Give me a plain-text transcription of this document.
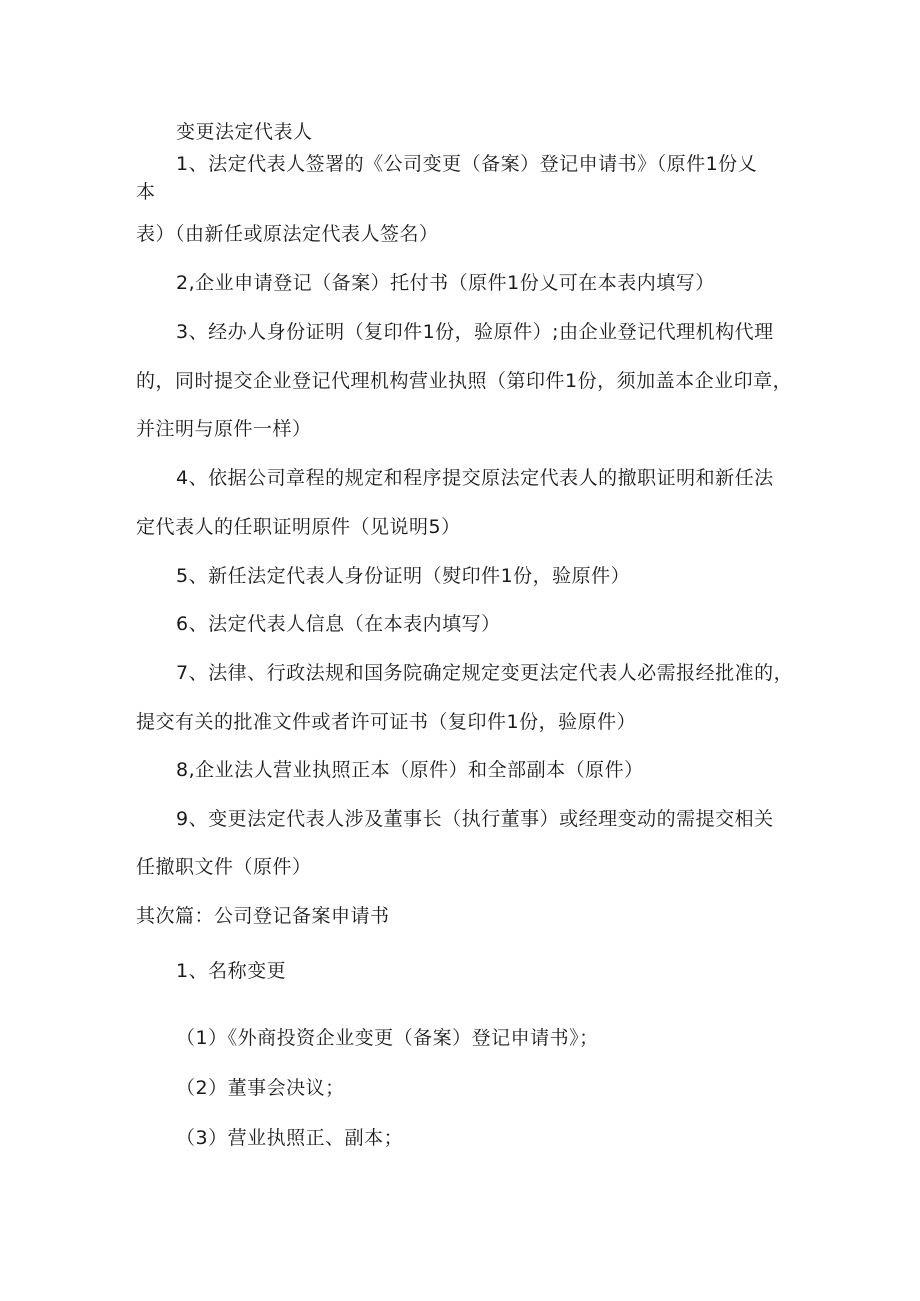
变更法定代表人
1、法定代表人签署的《公司变更（备案）登记申请书》（原件1份乂
本
表）（由新任或原法定代表人签名）
2,企业申请登记（备案）托付书（原件1份乂可在本表内填写）
3、经办人身份证明（复印件1份，验原件）;由企业登记代理机构代理
的，同时提交企业登记代理机构营业执照（第印件1份，须加盖本企业印章，
并注明与原件一样）
4、依据公司章程的规定和程序提交原法定代表人的撤职证明和新任法
定代表人的任职证明原件（见说明5）
5、新任法定代表人身份证明（熨印件1份，验原件）
6、法定代表人信息（在本表内填写）
7、法律、行政法规和国务院确定规定变更法定代表人必需报经批准的，
提交有关的批准文件或者许可证书（复印件1份，验原件）
8,企业法人营业执照正本（原件）和全部副本（原件）
9、变更法定代表人涉及董事长（执行董事）或经理变动的需提交相关
任撤职文件（原件）
其次篇：公司登记备案申请书
1、名称变更
（1）《外商投资企业变更（备案）登记申请书》；
（2）董事会决议；
（3）营业执照正、副本；
